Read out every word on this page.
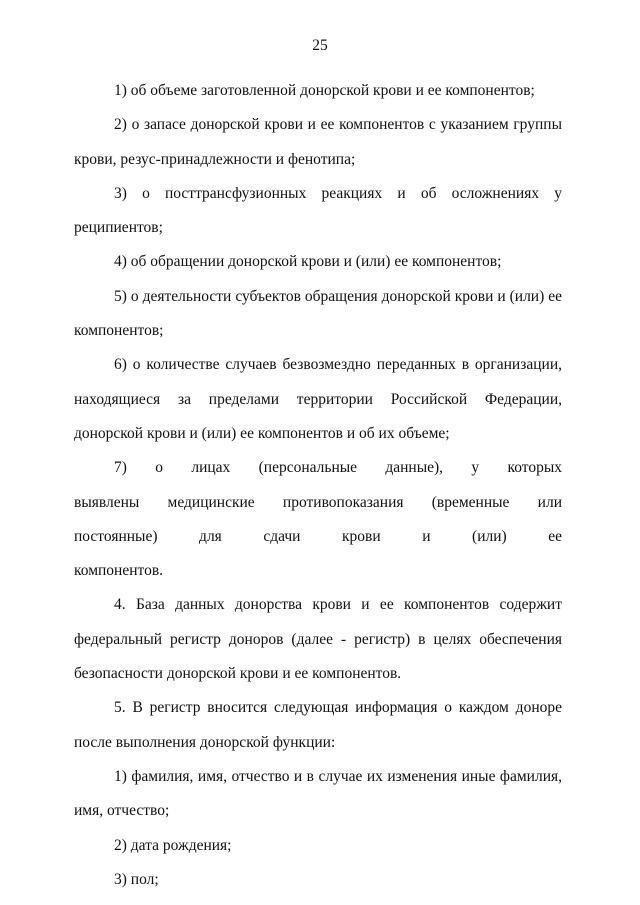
25

1) об объеме заготовленной донорской крови и ее компонентов;

2) о запасе донорской крови и ее компонентов с указанием группы крови, резус-принадлежности и фенотипа;

3) о посттрансфузионных реакциях и об осложнениях у реципиентов;

4) об обращении донорской крови и (или) ее компонентов;

5) о деятельности субъектов обращения донорской крови и (или) ее компонентов;

6) о количестве случаев безвозмездно переданных в организации, находящиеся за пределами территории Российской Федерации, донорской крови и (или) ее компонентов и об их объеме;

7) о лицах (персональные данные), у которых выявлены медицинские противопоказания (временные или постоянные) для сдачи крови и (или) ее компонентов.

4. База данных донорства крови и ее компонентов содержит федеральный регистр доноров (далее - регистр) в целях обеспечения безопасности донорской крови и ее компонентов.

5. В регистр вносится следующая информация о каждом доноре после выполнения донорской функции:

1) фамилия, имя, отчество и в случае их изменения иные фамилия, имя, отчество;

2) дата рождения;

3) пол;
